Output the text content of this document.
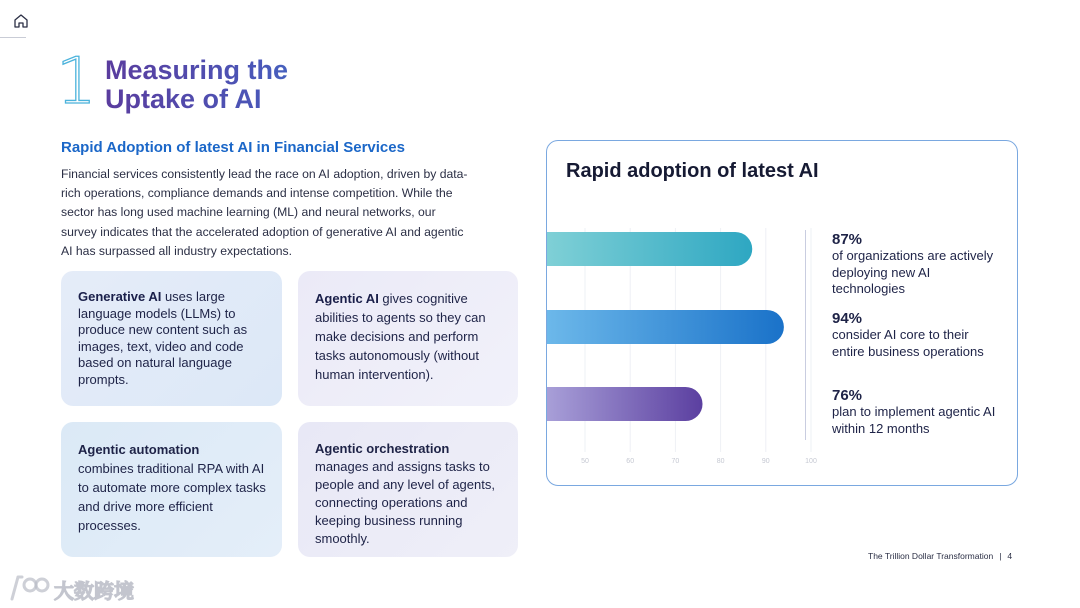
1 Measuring the
Uptake of AI
Rapid Adoption of latest AI in Financial Services
Financial services consistently lead the race on AI adoption, driven by data-rich operations, compliance demands and intense competition. While the sector has long used machine learning (ML) and neural networks, our survey indicates that the accelerated adoption of generative AI and agentic AI has surpassed all industry expectations.
Generative AI uses large language models (LLMs) to produce new content such as images, text, video and code based on natural language prompts.
Agentic AI gives cognitive abilities to agents so they can make decisions and perform tasks autonomously (without human intervention).
Agentic automation
combines traditional RPA with AI to automate more complex tasks and drive more efficient processes.
Agentic orchestration
manages and assigns tasks to people and any level of agents, connecting operations and keeping business running smoothly.
Rapid adoption of latest AI
50	60	70	80	90	100
87%
of organizations are actively deploying new AI technologies
94%
consider AI core to their entire business operations
76%
plan to implement agentic AI within 12 months
The Trillion Dollar Transformation | 4
大数跨境
